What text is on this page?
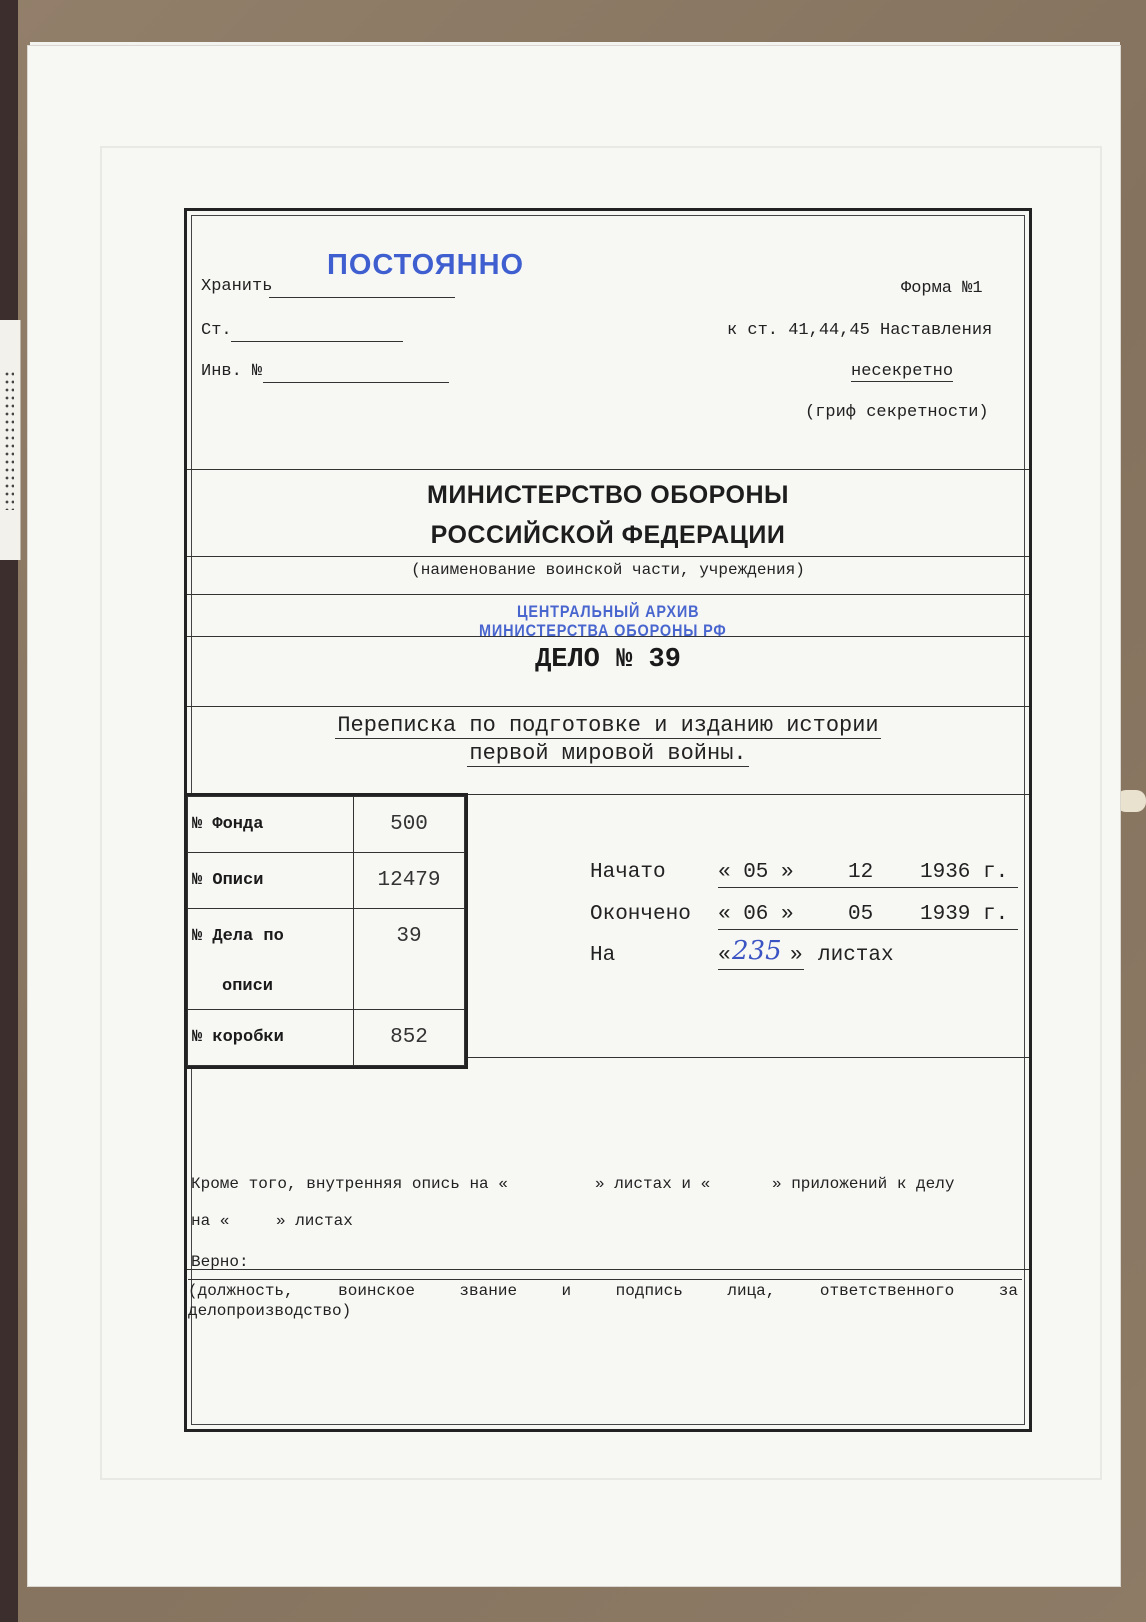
Хранить
ПОСТОЯННО
Форма №1
Ст.	к ст. 41,44,45 Наставления
Инв. №	несекретно
(гриф секретности)
МИНИСТЕРСТВО ОБОРОНЫ
РОССИЙСКОЙ ФЕДЕРАЦИИ
(наименование воинской части, учреждения)
ЦЕНТРАЛЬНЫЙ АРХИВ
МИНИСТЕРСТВА ОБОРОНЫ РФ
ДЕЛО № 39
Переписка по подготовке и изданию истории
первой мировой войны.
№ Фонда	500
№ Описи	12479
№ Дела по	39
описи	
№ коробки	852
Начато « 05 »	12 1936 г.
Окончено « 06 »	05 1939 г.
На	« 235 » листах
Кроме того, внутренняя опись на «	» листах и «	» приложений к делу
на «	» листах
Верно:
(должность, воинское звание и подпись лица, ответственного за
делопроизводство)
